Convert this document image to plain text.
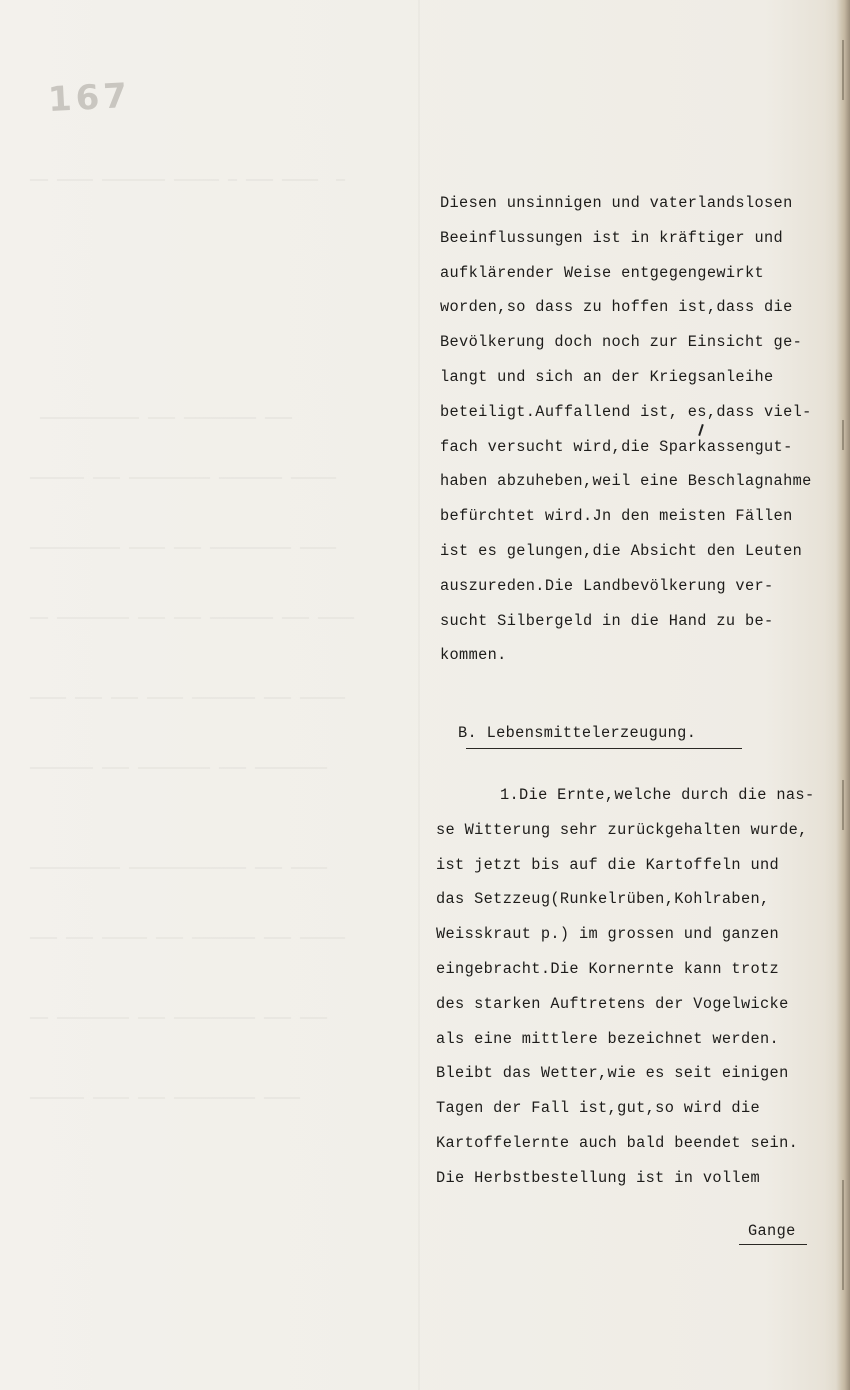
167
—  ———— ——— — ————— ——————— ———— ——
——— ———————— ——— ———————————
————— ——————— ————————— ——— ——————
———— ————————— ——— ———— ——————————
———— ——— ——————— ——— ——— ———————— ——
————— ——— ——————— ———— ——— ——— ————
———————— ——— ———————— ——— ———————
———— ——— ————————————— ——————————
————— ——— ——————— ——— ————— ——— ———
——— ——— ————————— ——— ———————— ——
———— ————————— ——— ———— ——————
Diesen unsinnigen und vaterlandslosen
Beeinflussungen ist in kräftiger und
aufklärender Weise entgegengewirkt
worden,so dass zu hoffen ist,dass die
Bevölkerung doch noch zur Einsicht ge-
langt und sich an der Kriegsanleihe
beteiligt.Auffallend ist, es,dass viel-
fach versucht wird,die Sparkassengut-
haben abzuheben,weil eine Beschlagnahme
befürchtet wird.Jn den meisten Fällen
ist es gelungen,die Absicht den Leuten
auszureden.Die Landbevölkerung ver-
sucht Silbergeld in die Hand zu be-
kommen.
B. Lebensmittelerzeugung.
1.Die Ernte,welche durch die nas-
se Witterung sehr zurückgehalten wurde,
ist jetzt bis auf die Kartoffeln und
das Setzzeug(Runkelrüben,Kohlraben,
Weisskraut p.) im grossen und ganzen
eingebracht.Die Kornernte kann trotz
des starken Auftretens der Vogelwicke
als eine mittlere bezeichnet werden.
Bleibt das Wetter,wie es seit einigen
Tagen der Fall ist,gut,so wird die
Kartoffelernte auch bald beendet sein.
Die Herbstbestellung ist in vollem
Gange
